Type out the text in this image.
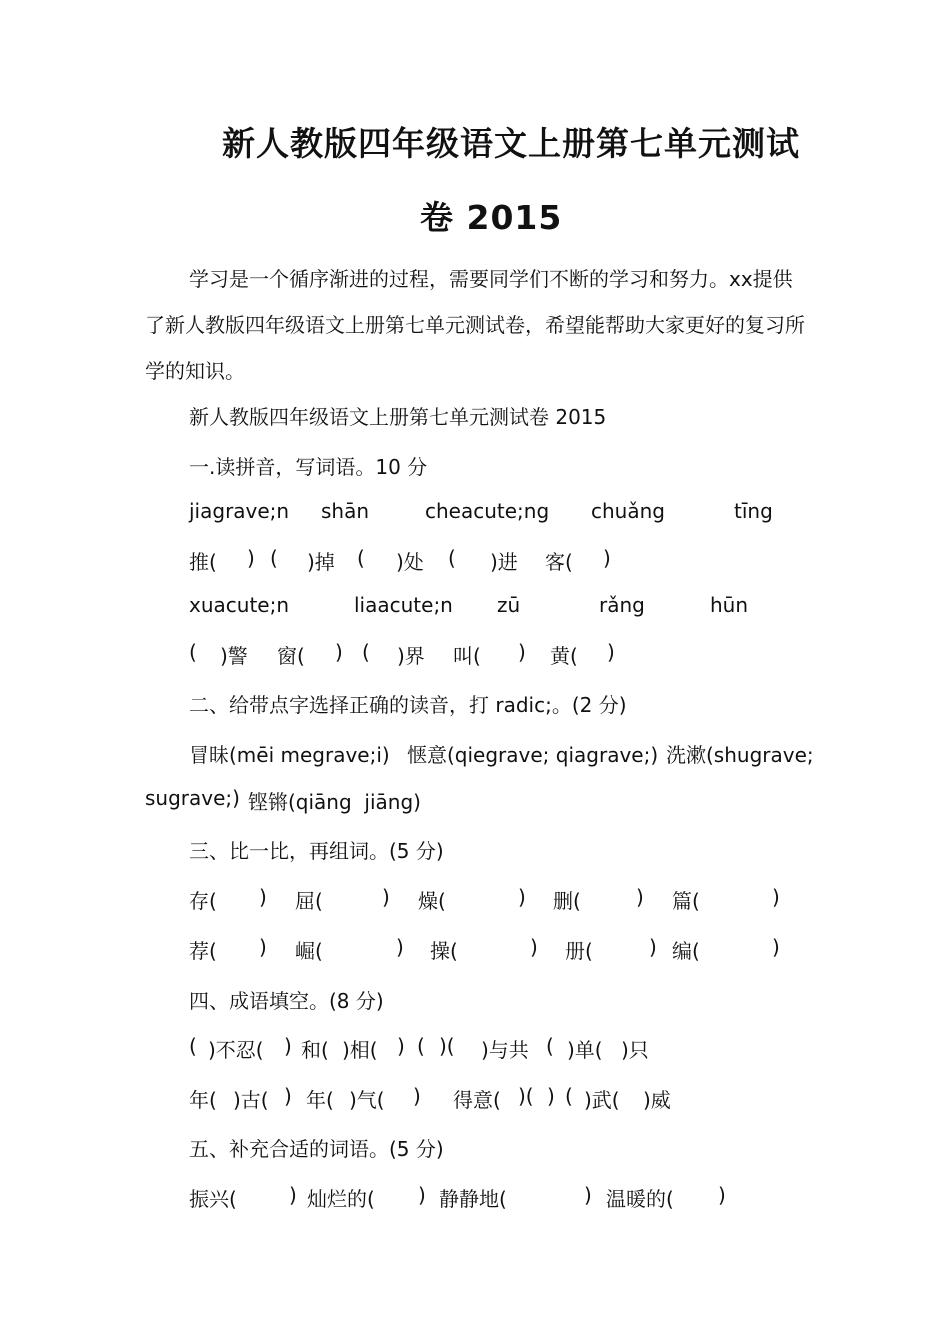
新人教版四年级语文上册第七单元测试
卷 2015

学习是一个循序渐进的过程，需要同学们不断的学习和努力。xx提供了新人教版四年级语文上册第七单元测试卷，希望能帮助大家更好的复习所学的知识。

新人教版四年级语文上册第七单元测试卷 2015
一.读拼音，写词语。10 分
jiagrave;n shān	cheacute;ng chuǎng	tīng
推( ) ( )掉 ( )处 ( )进 客( )
xuacute;n	liaacute;n zū	rǎng	hūn
( )警 窗( ) ( )界 叫( ) 黄( )
二、给带点字选择正确的读音，打 radic;。(2 分)
冒昧(mēi megrave;i) 惬意(qiegrave; qiagrave;) 洗漱(shugrave;
sugrave;) 铿锵(qiāng  jiāng)
三、比一比，再组词。(5 分)
存( ) 屈(	) 燥(	) 删(	) 篇(	)
荐( ) 崛(	) 操(	) 册(	) 编(	)
四、成语填空。(8 分)
( )不忍( ) 和( )相( ) ( )( )与共 ( )单( )只
年( )古( ) 年( )气( ) 得意( )( ) ( )武( )威
五、补充合适的词语。(5 分)
振兴(	) 灿烂的( ) 静静地(	) 温暖的( )
